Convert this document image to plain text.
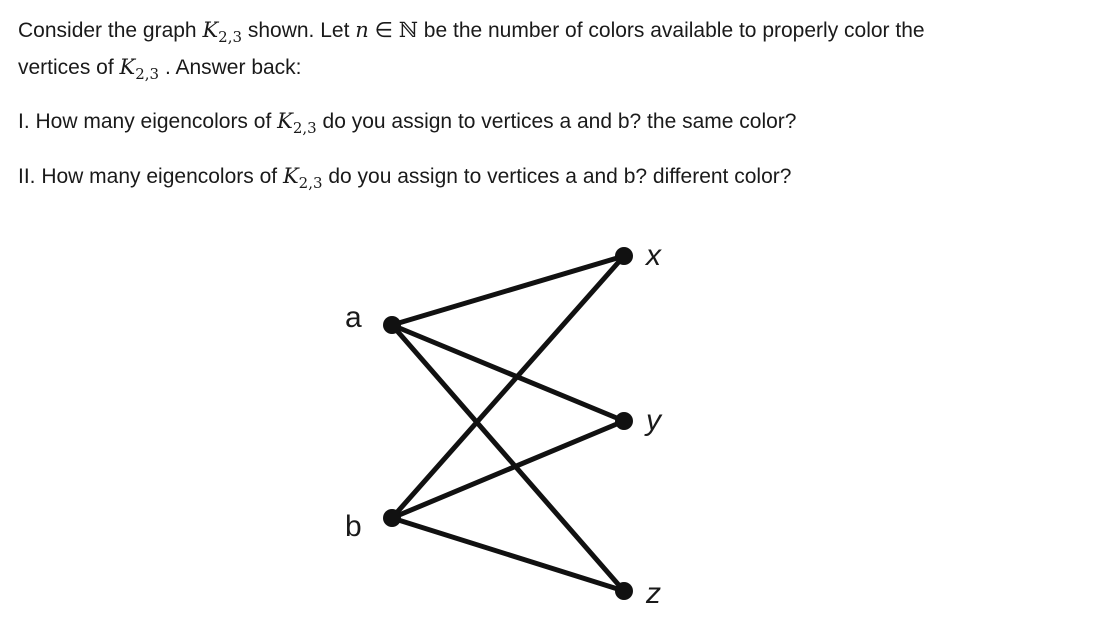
Consider the graph $K_{2,3}$ shown. Let n ∈ ℕ be the number of colors available to properly color the

vertices of $K_{2,3}$ . Answer back:

I. How many eigencolors of $K_{2,3}$ do you assign to vertices a and b? the same color?
II. How many eigencolors of $K_{2,3}$ do you assign to vertices a and b? different color?
a
b
x
y
z
